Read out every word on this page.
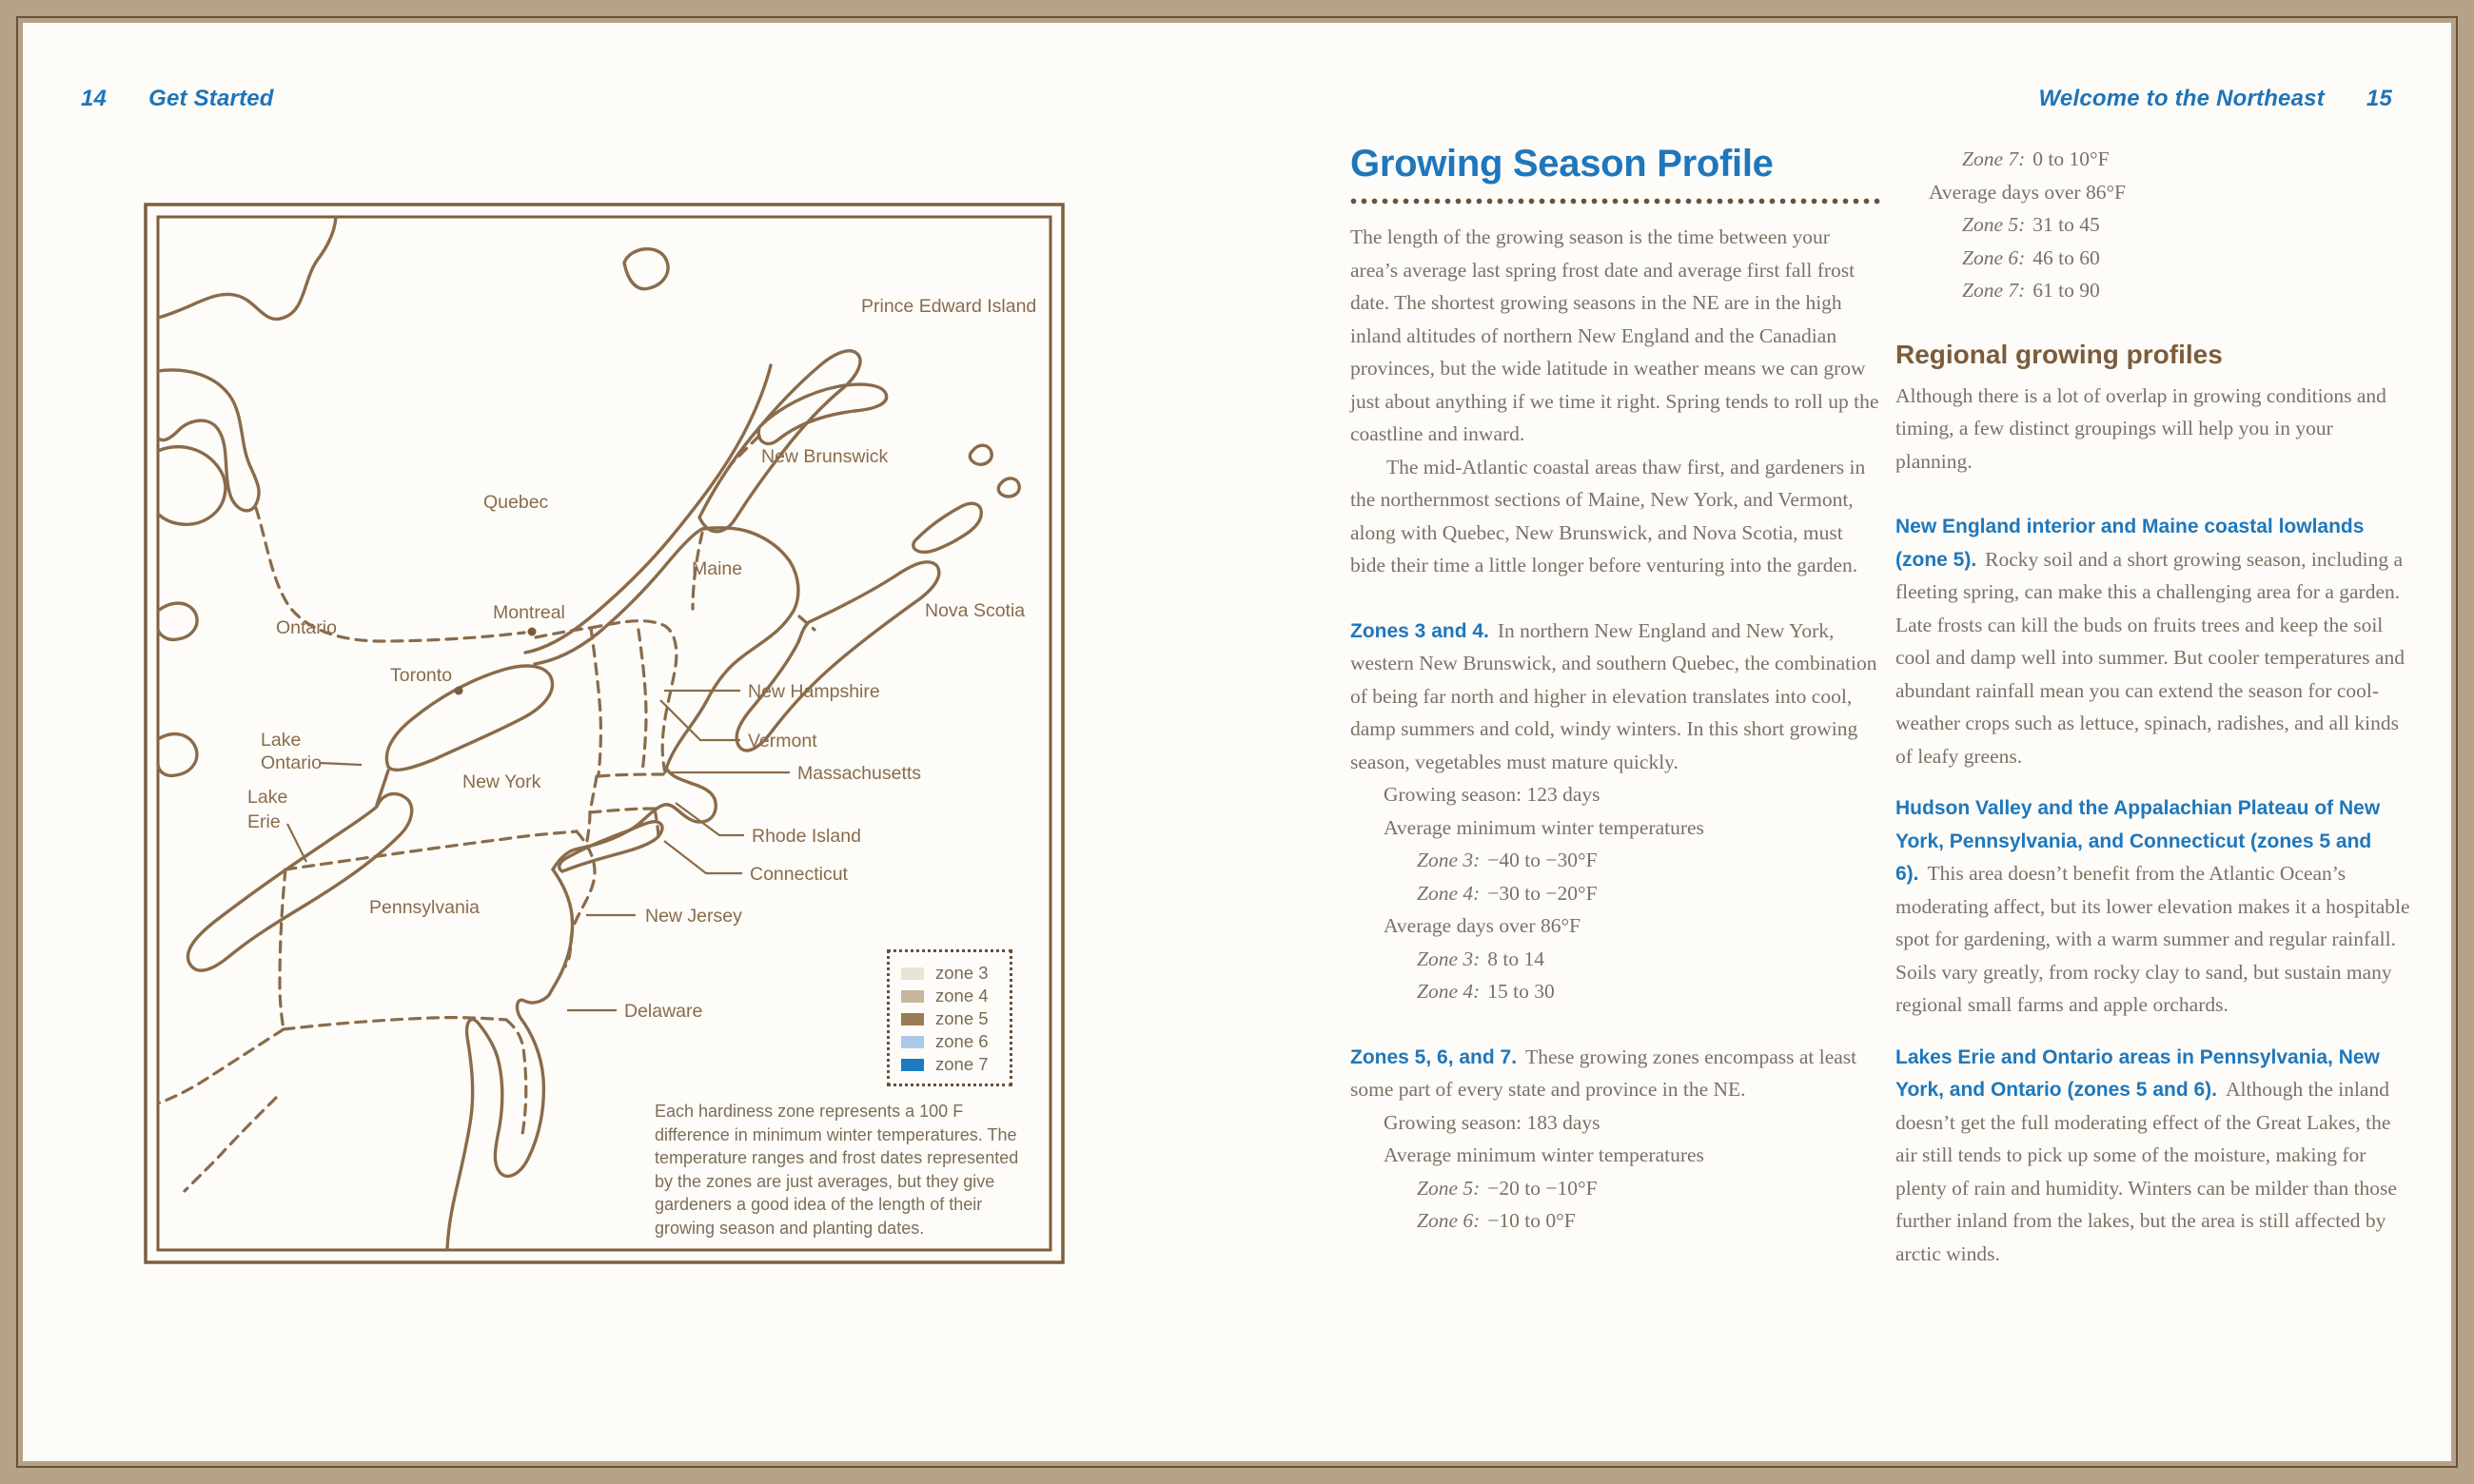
14 Get Started	Welcome to the Northeast 15
Prince Edward Island
New Brunswick
Quebec
Maine
Nova Scotia
Montreal
Ontario
Toronto
New Hampshire
Vermont
Massachusetts
Lake
Ontario
New York
Lake
Erie
Rhode Island
Connecticut
Pennsylvania	New Jersey
Delaware
zone 3
zone 4
zone 5
zone 6
zone 7
Each hardiness zone represents a 100 F difference in minimum winter temperatures. The temperature ranges and frost dates represented by the zones are just averages, but they give gardeners a good idea of the length of their growing season and planting dates.
Growing Season Profile

The length of the growing season is the time between your area’s average last spring frost date and average first fall frost date. The shortest growing seasons in the NE are in the high inland altitudes of northern New England and the Canadian provinces, but the wide latitude in weather means we can grow just about anything if we time it right. Spring tends to roll up the coastline and inward.

The mid-Atlantic coastal areas thaw first, and gardeners in the northernmost sections of Maine, New York, and Vermont, along with Quebec, New Brunswick, and Nova Scotia, must bide their time a little longer before venturing into the garden.

Zones 3 and 4. In northern New England and New York, western New Brunswick, and southern Quebec, the combination of being far north and higher in elevation translates into cool, damp summers and cold, windy winters. In this short growing season, vegetables must mature quickly.

Growing season: 123 days
Average minimum winter temperatures
Zone 3: −40 to −30°F
Zone 4: −30 to −20°F
Average days over 86°F
Zone 3: 8 to 14
Zone 4: 15 to 30

Zones 5, 6, and 7. These growing zones encompass at least some part of every state and province in the NE.

Growing season: 183 days
Average minimum winter temperatures
Zone 5: −20 to −10°F
Zone 6: −10 to 0°F
Zone 7: 0 to 10°F
Average days over 86°F
Zone 5: 31 to 45
Zone 6: 46 to 60
Zone 7: 61 to 90
Regional growing profiles

Although there is a lot of overlap in growing conditions and timing, a few distinct groupings will help you in your planning.

New England interior and Maine coastal lowlands (zone 5). Rocky soil and a short growing season, including a fleeting spring, can make this a challenging area for a garden. Late frosts can kill the buds on fruits trees and keep the soil cool and damp well into summer. But cooler temperatures and abundant rainfall mean you can extend the season for cool-weather crops such as lettuce, spinach, radishes, and all kinds of leafy greens.

Hudson Valley and the Appalachian Plateau of New York, Pennsylvania, and Connecticut (zones 5 and 6). This area doesn’t benefit from the Atlantic Ocean’s moderating affect, but its lower elevation makes it a hospitable spot for gardening, with a warm summer and regular rainfall. Soils vary greatly, from rocky clay to sand, but sustain many regional small farms and apple orchards.

Lakes Erie and Ontario areas in Pennsylvania, New York, and Ontario (zones 5 and 6). Although the inland doesn’t get the full moderating effect of the Great Lakes, the air still tends to pick up some of the moisture, making for plenty of rain and humidity. Winters can be milder than those further inland from the lakes, but the area is still affected by arctic winds.
